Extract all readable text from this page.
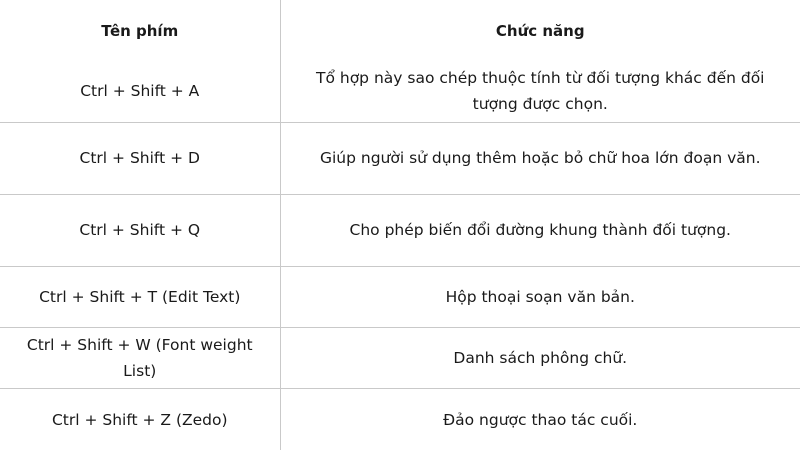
Tên phím	Chức năng
Ctrl + Shift + A	Tổ hợp này sao chép thuộc tính từ đối tượng khác đến đối tượng được chọn.
Ctrl + Shift + D	Giúp người sử dụng thêm hoặc bỏ chữ hoa lớn đoạn văn.
Ctrl + Shift + Q	Cho phép biến đổi đường khung thành đối tượng.
Ctrl + Shift + T (Edit Text)	Hộp thoại soạn văn bản.
Ctrl + Shift + W (Font weight List)	Danh sách phông chữ.
Ctrl + Shift + Z (Zedo)	Đảo ngược thao tác cuối.
